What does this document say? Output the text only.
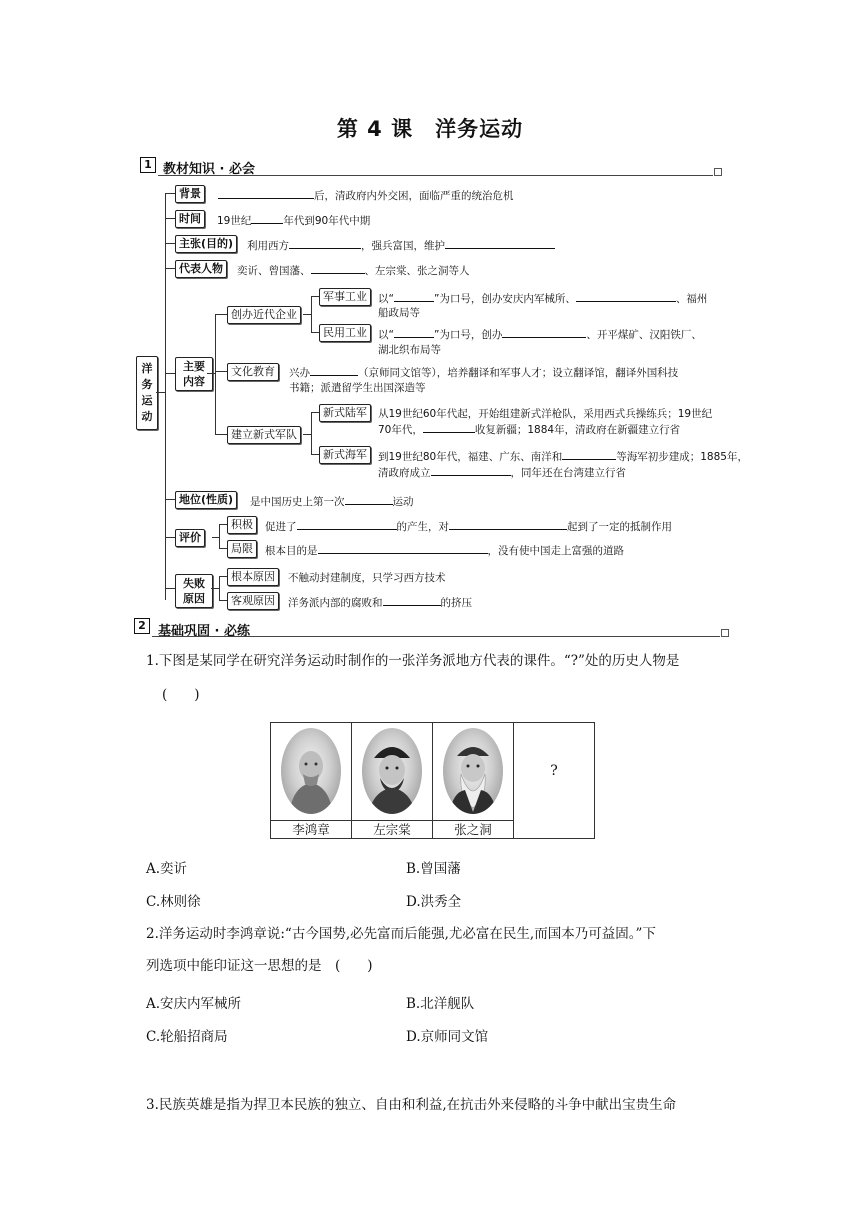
第 4 课　洋务运动
1 教材知识 · 必会
洋务运动
背景	后，清政府内外交困，面临严重的统治危机
时间	19世纪	年代到90年代中期
主张(目的)	利用西方	，强兵富国，维护
代表人物	奕䜣、曾国藩、	、左宗棠、张之洞等人
主要内容
创办近代企业
军事工业	以“	”为口号，创办安庆内军械所、	、福州
船政局等
民用工业	以“	”为口号，创办	、开平煤矿、汉阳铁厂、
湖北织布局等
文化教育	兴办	（京师同文馆等），培养翻译和军事人才；设立翻译馆，翻译外国科技
书籍；派遣留学生出国深造等
建立新式军队
新式陆军	从19世纪60年代起，开始组建新式洋枪队，采用西式兵操练兵；19世纪
70年代，	收复新疆；1884年，清政府在新疆建立行省
新式海军	到19世纪80年代，福建、广东、南洋和	等海军初步建成；1885年，
清政府成立	，同年还在台湾建立行省
地位(性质)	是中国历史上第一次	运动
评价
积极	促进了	的产生，对	起到了一定的抵制作用
局限	根本目的是	，没有使中国走上富强的道路
失败原因
根本原因	不触动封建制度，只学习西方技术
客观原因	洋务派内部的腐败和	的挤压
2 基础巩固 · 必练
1.下图是某同学在研究洋务运动时制作的一张洋务派地方代表的课件。“?”处的历史人物是
(　　)
李鸿章	左宗棠	张之洞
?
A.奕䜣	B.曾国藩
C.林则徐	D.洪秀全
2.洋务运动时李鸿章说:“古今国势,必先富而后能强,尤必富在民生,而国本乃可益固。”下
列选项中能印证这一思想的是　(　　)
A.安庆内军械所	B.北洋舰队
C.轮船招商局	D.京师同文馆
3.民族英雄是指为捍卫本民族的独立、自由和利益,在抗击外来侵略的斗争中献出宝贵生命
